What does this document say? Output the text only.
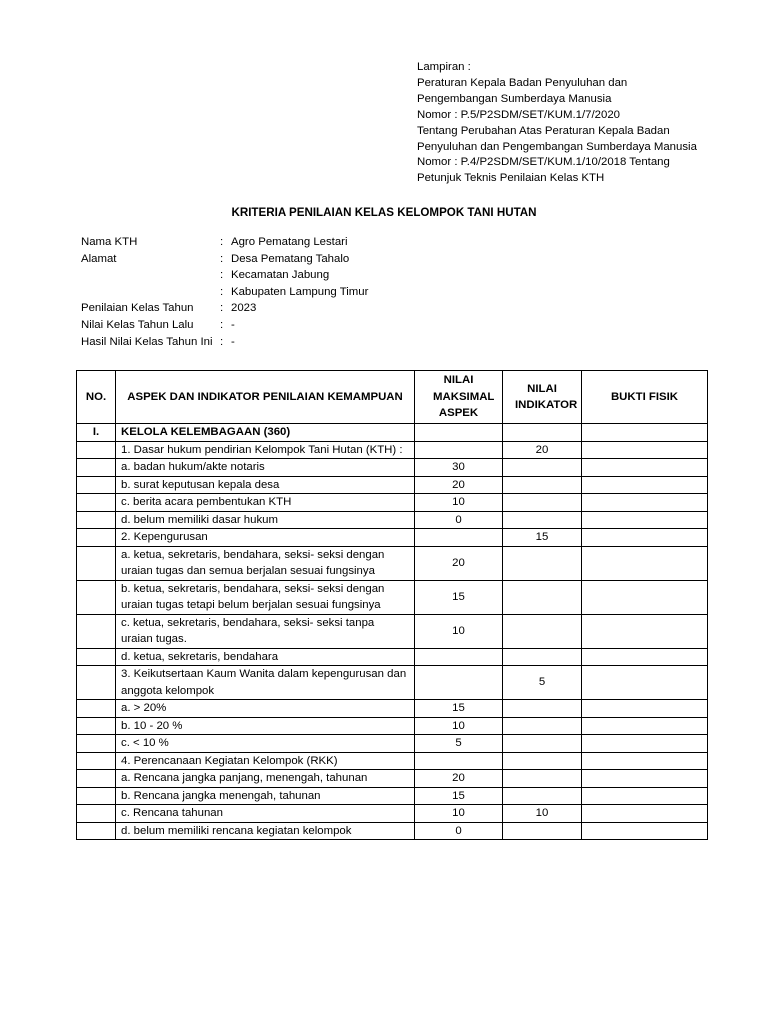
Lampiran :
Peraturan Kepala Badan Penyuluhan dan
Pengembangan Sumberdaya Manusia
Nomor : P.5/P2SDM/SET/KUM.1/7/2020
Tentang Perubahan Atas Peraturan Kepala Badan
Penyuluhan dan Pengembangan Sumberdaya Manusia
Nomor : P.4/P2SDM/SET/KUM.1/10/2018 Tentang
Petunjuk Teknis Penilaian Kelas KTH
KRITERIA PENILAIAN KELAS KELOMPOK TANI HUTAN
Nama KTH	:	Agro Pematang Lestari
Alamat	:	Desa Pematang Tahalo
	:	Kecamatan Jabung
	:	Kabupaten Lampung Timur
Penilaian Kelas Tahun	:	2023
Nilai Kelas Tahun Lalu	:	-
Hasil Nilai Kelas Tahun Ini	:	-
NO.	ASPEK DAN INDIKATOR PENILAIAN KEMAMPUAN	NILAI MAKSIMAL ASPEK	NILAI INDIKATOR	BUKTI FISIK
I.	KELOLA KELEMBAGAAN (360)			
	1. Dasar hukum pendirian Kelompok Tani Hutan (KTH) :		20	
	a. badan hukum/akte notaris	30		
	b. surat keputusan kepala desa	20		
	c. berita acara pembentukan KTH	10		
	d. belum memiliki dasar hukum	0		
	2. Kepengurusan		15	
	a. ketua, sekretaris, bendahara, seksi- seksi dengan uraian tugas dan semua berjalan sesuai fungsinya	20		
	b. ketua, sekretaris, bendahara, seksi- seksi dengan uraian tugas tetapi belum berjalan sesuai fungsinya	15		
	c. ketua, sekretaris, bendahara, seksi- seksi tanpa uraian tugas.	10		
	d. ketua, sekretaris, bendahara			
	3. Keikutsertaan Kaum Wanita dalam kepengurusan dan anggota kelompok		5	
	a. > 20%	15		
	b. 10 - 20 %	10		
	c. < 10 %	5		
	4. Perencanaan Kegiatan Kelompok (RKK)			
	a. Rencana jangka panjang, menengah, tahunan	20		
	b. Rencana jangka menengah, tahunan	15		
	c. Rencana tahunan	10	10	
	d. belum memiliki rencana kegiatan kelompok	0		
